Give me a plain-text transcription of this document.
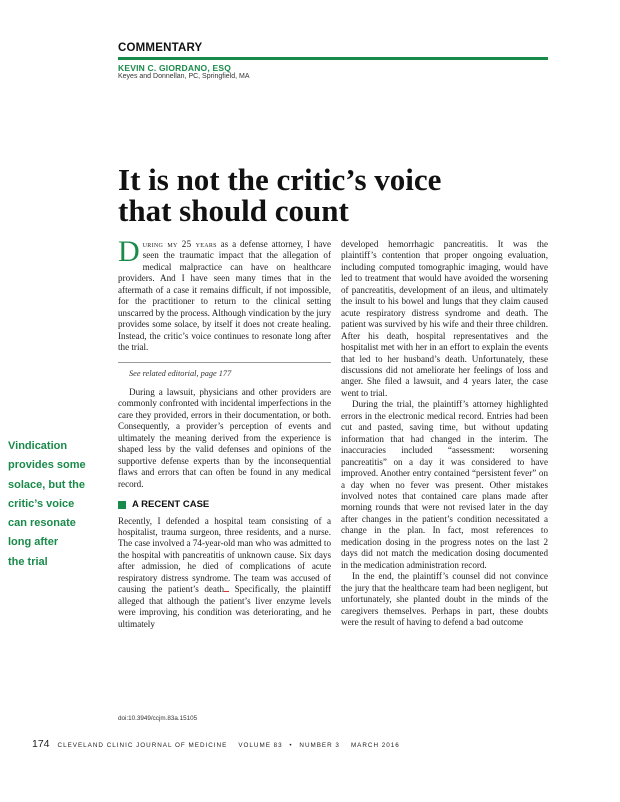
COMMENTARY
KEVIN C. GIORDANO, ESQ
Keyes and Donnellan, PC, Springfield, MA
It is not the critic’s voice
that should count
Vindication
provides some
solace, but the
critic’s voice
can resonate
long after
the trial

During my 25 years as a defense attorney, I have seen the traumatic impact that the allegation of medical malpractice can have on healthcare providers. And I have seen many times that in the aftermath of a case it remains difficult, if not impossible, for the practitioner to return to the clinical setting unscarred by the process. Although vindication by the jury provides some solace, by itself it does not create healing. Instead, the critic’s voice continues to resonate long after the trial.

See related editorial, page 177

During a lawsuit, physicians and other providers are commonly confronted with incidental imperfections in the care they provided, errors in their documentation, or both. Consequently, a provider’s perception of events and ultimately the meaning derived from the experience is shaped less by the valid defenses and opinions of the supportive defense experts than by the inconsequential flaws and errors that can often be found in any medical record.

A RECENT CASE

Recently, I defended a hospital team consisting of a hospitalist, trauma surgeon, three residents, and a nurse. The case involved a 74-year-old man who was admitted to the hospital with pancreatitis of unknown cause. Six days after admission, he died of complications of acute respiratory distress syndrome. The team was accused of causing the patient’s death Specifically, the plaintiff alleged that although the patient’s liver enzyme levels were improving, his condition was deteriorating, and he ultimately

developed hemorrhagic pancreatitis. It was the plaintiff’s contention that proper ongoing evaluation, including computed tomographic imaging, would have led to treatment that would have avoided the worsening of pancreatitis, development of an ileus, and ultimately the insult to his bowel and lungs that they claim caused acute respiratory distress syndrome and death. The patient was survived by his wife and their three children. After his death, hospital representatives and the hospitalist met with her in an effort to explain the events that led to her husband’s death. Unfortunately, these discussions did not ameliorate her feelings of loss and anger. She filed a lawsuit, and 4 years later, the case went to trial.

During the trial, the plaintiff’s attorney highlighted errors in the electronic medical record. Entries had been cut and pasted, saving time, but without updating information that had changed in the interim. The inaccuracies included “assessment: worsening pancreatitis” on a day it was considered to have improved. Another entry contained “persistent fever” on a day when no fever was present. Other mistakes involved notes that contained care plans made after morning rounds that were not revised later in the day after changes in the patient’s condition necessitated a change in the plan. In fact, most references to medication dosing in the progress notes on the last 2 days did not match the medication dosing documented in the medication administration record.

In the end, the plaintiff’s counsel did not convince the jury that the healthcare team had been negligent, but unfortunately, she planted doubt in the minds of the caregivers themselves. Perhaps in part, these doubts were the result of having to defend a bad outcome

doi:10.3949/ccjm.83a.15105
174 CLEVELAND CLINIC JOURNAL OF MEDICINE VOLUME 83 • NUMBER 3 MARCH 2016
